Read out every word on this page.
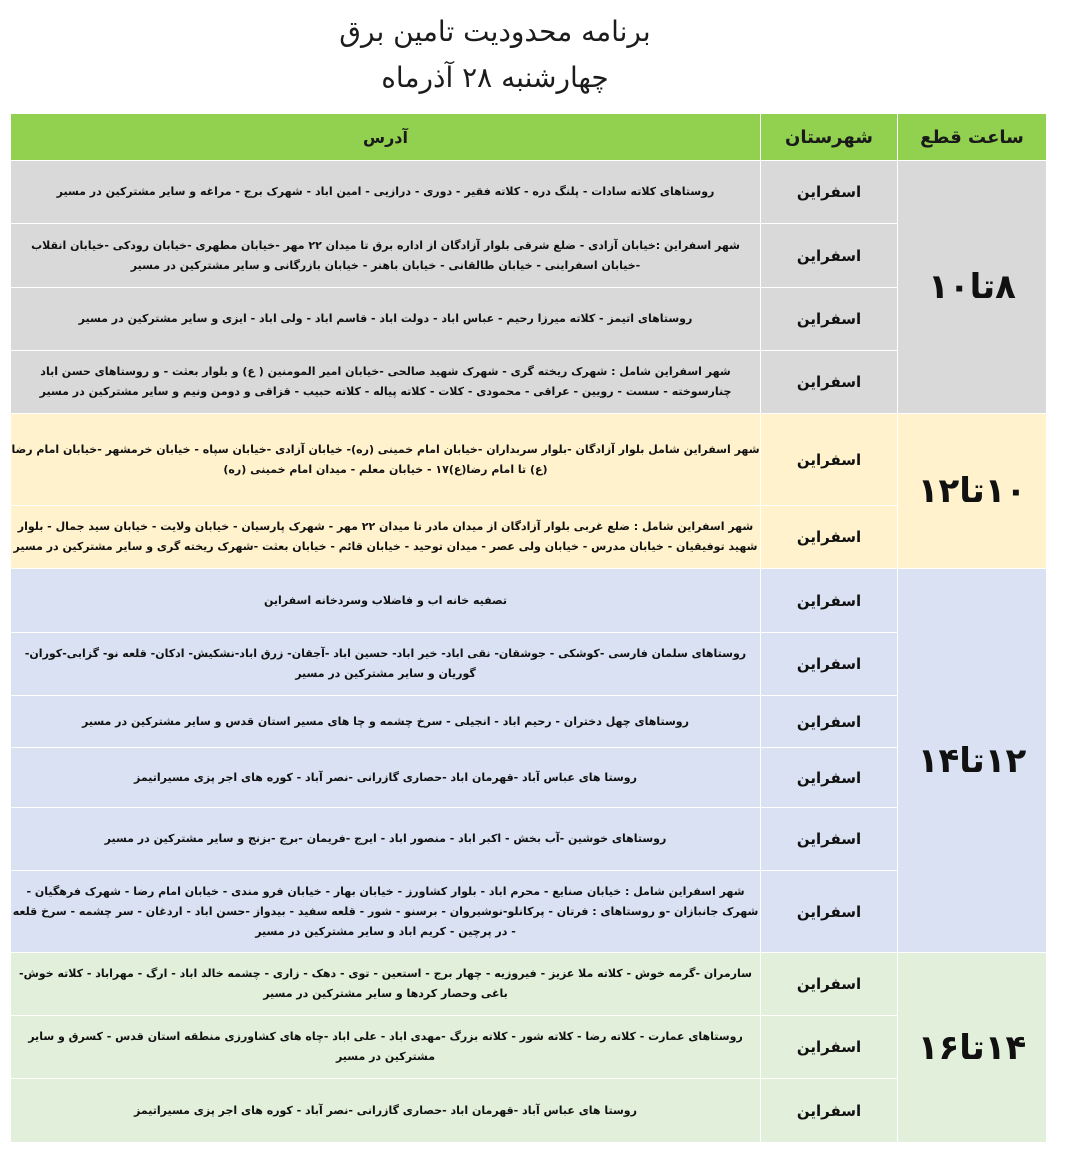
برنامه محدودیت تامین برق
چهارشنبه ۲۸ آذرماه
ساعت قطع	شهرستان	آدرس
۸تا۱۰	اسفراین	روستاهای کلاته سادات - پلنگ دره - کلاته فقیر - دوری - درازیی - امین اباد - شهرک برج - مراغه و سایر مشترکین در مسیر
	اسفراین	شهر اسفراین :خیابان آزادی - ضلع شرقی بلوار آزادگان از اداره برق تا میدان ۲۲ مهر -خیابان مطهری -خیابان رودکی -خیابان انقلاب -خیابان اسفراینی - خیابان طالقانی - خیابان باهنر - خیابان بازرگانی و سایر مشترکین در مسیر
	اسفراین	روستاهای اتیمز - کلاته میرزا رحیم - عباس اباد - دولت اباد - قاسم اباد - ولی اباد - ایزی و سایر مشترکین در مسیر
	اسفراین	شهر اسفراین شامل : شهرک ریخته گری - شهرک شهید صالحی -خیابان امیر المومنین ( ع) و بلوار بعثت - و روستاهای حسن اباد چنارسوخته - سست - رویین - عراقی - محمودی - کلات - کلاته پیاله - کلاته حبیب - قزاقی و دومن ونیم و سایر مشترکین در مسیر
۱۰تا۱۲	اسفراین	شهر اسفراین شامل بلوار آزادگان -بلوار سربداران -خیابان امام خمینی (ره)- خیابان آزادی -خیابان سپاه - خیابان خرمشهر -خیابان امام رضا (ع) تا امام رضا(ع)۱۷ - خیابان معلم - میدان امام خمینی (ره)
	اسفراین	شهر اسفراین شامل : ضلع غربی بلوار آزادگان از میدان مادر تا میدان ۲۲ مهر - شهرک پارسیان - خیابان ولایت - خیابان سید جمال - بلوار شهید توفیقیان - خیابان مدرس - خیابان ولی عصر - میدان توحید - خیابان قائم - خیابان بعثت -شهرک ریخته گری و سایر مشترکین در مسیر
۱۲تا۱۴	اسفراین	تصفیه خانه اب و فاضلاب وسردخانه اسفراین
	اسفراین	روستاهای سلمان فارسی -کوشکی - جوشقان- نقی اباد- خیر اباد- حسین اباد -آجقان- زرق اباد-نشکیش- ادکان- قلعه نو- گزابی-کوران- گوریان و سایر مشترکین در مسیر
	اسفراین	روستاهای چهل دختران - رحیم اباد - انجیلی - سرخ چشمه و چا های مسیر استان قدس و سایر مشترکین در مسیر
	اسفراین	روستا های عباس آباد -قهرمان اباد -حصاری گازرانی -نصر آباد - کوره های اجر پزی مسیراتیمز
	اسفراین	روستاهای خوشین -آب بخش - اکبر اباد - منصور اباد - ایرج -فریمان -برج -بزنج و سایر مشترکین در مسیر
	اسفراین	شهر اسفراین شامل : خیابان صنایع - محرم اباد - بلوار کشاورز - خیابان بهار - خیابان فرو مندی - خیابان امام رضا - شهرک فرهگیان - شهرک جانبازان -و روستاهای : فرتان - پرکانلو-نوشیروان - برسنو - شور - قلعه سفید - بیدواز -حسن اباد - اردغان - سر چشمه - سرخ قلعه - در پرچین - کریم اباد و سایر مشترکین در مسیر
۱۴تا۱۶	اسفراین	سارمران -گرمه خوش - کلاته ملا عزیز - فیروزیه - چهار برج - استعین - توی - دهک - زاری - چشمه خالد اباد - ارگ - مهراباد - کلاته خوش- باغی وحصار کردها و سایر مشترکین در مسیر
	اسفراین	روستاهای عمارت - کلاته رضا - کلاته شور - کلاته بزرگ -مهدی اباد - علی اباد -چاه های کشاورزی منطقه استان قدس - کسرق و سایر مشترکین در مسیر
	اسفراین	روستا های عباس آباد -قهرمان اباد -حصاری گازرانی -نصر آباد - کوره های اجر پزی مسیراتیمز
